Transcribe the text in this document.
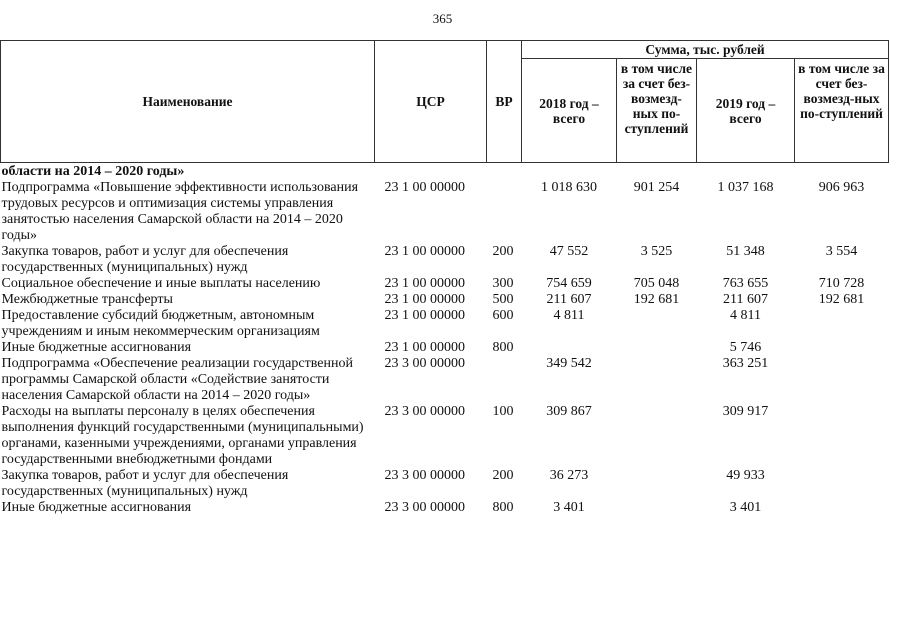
365
Наименование	ЦСР	ВР	Сумма, тыс. рублей			
			2018 год – всего	в том числе за счет без-возмезд-ных по-ступлений	2019 год – всего	в том числе за счет без-возмезд-ных по-ступлений
области на 2014 – 2020 годы»						
Подпрограмма «Повышение эффективности использования трудовых ресурсов и оптимизация системы управления занятостью населения Самарской области на 2014 – 2020 годы»	23 1 00 00000		1 018 630	901 254	1 037 168	906 963
Закупка товаров, работ и услуг для обеспечения государственных (муниципальных) нужд	23 1 00 00000	200	47 552	3 525	51 348	3 554
Социальное обеспечение и иные выплаты населению	23 1 00 00000	300	754 659	705 048	763 655	710 728
Межбюджетные трансферты	23 1 00 00000	500	211 607	192 681	211 607	192 681
Предоставление субсидий бюджетным, автономным учреждениям и иным некоммерческим организациям	23 1 00 00000	600	4 811		4 811	
Иные бюджетные ассигнования	23 1 00 00000	800			5 746	
Подпрограмма «Обеспечение реализации государственной программы Самарской области «Содействие занятости населения Самарской области на 2014 – 2020 годы»	23 3 00 00000		349 542		363 251	
Расходы на выплаты персоналу в целях обеспечения выполнения функций государственными (муниципальными) органами, казенными учреждениями, органами управления государственными внебюджетными фондами	23 3 00 00000	100	309 867		309 917	
Закупка товаров, работ и услуг для обеспечения государственных (муниципальных) нужд	23 3 00 00000	200	36 273		49 933	
Иные бюджетные ассигнования	23 3 00 00000	800	3 401		3 401	
